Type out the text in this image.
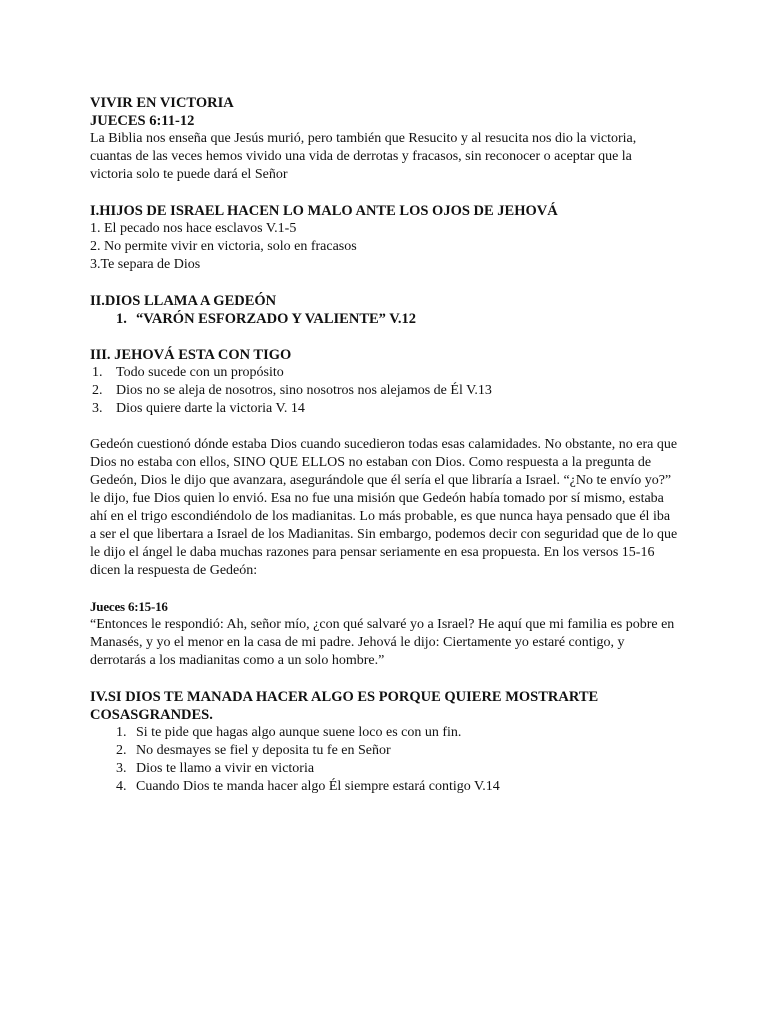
VIVIR EN VICTORIA

JUECES 6:11-12

La Biblia nos enseña que Jesús murió, pero también que Resucito y al resucita nos dio la victoria, cuantas de las veces hemos vivido una vida de derrotas y fracasos, sin reconocer o aceptar que la victoria solo te puede dará el Señor

I.HIJOS DE ISRAEL HACEN LO MALO ANTE LOS OJOS DE JEHOVÁ

1. El pecado nos hace esclavos V.1-5

2. No permite vivir en victoria, solo en fracasos

3.Te separa de Dios

II.DIOS LLAMA A GEDEÓN

1. “VARÓN ESFORZADO Y VALIENTE” V.12

III. JEHOVÁ ESTA CON TIGO

1. Todo sucede con un propósito
2. Dios no se aleja de nosotros, sino nosotros nos alejamos de Él V.13
3. Dios quiere darte la victoria V. 14

Gedeón cuestionó dónde estaba Dios cuando sucedieron todas esas calamidades. No obstante, no era que Dios no estaba con ellos, SINO QUE ELLOS no estaban con Dios. Como respuesta a la pregunta de Gedeón, Dios le dijo que avanzara, asegurándole que él sería el que libraría a Israel. “¿No te envío yo?” le dijo, fue Dios quien lo envió. Esa no fue una misión que Gedeón había tomado por sí mismo, estaba ahí en el trigo escondiéndolo de los madianitas. Lo más probable, es que nunca haya pensado que él iba a ser el que libertara a Israel de los Madianitas. Sin embargo, podemos decir con seguridad que de lo que le dijo el ángel le daba muchas razones para pensar seriamente en esa propuesta. En los versos 15-16 dicen la respuesta de Gedeón:

Jueces 6:15-16

“Entonces le respondió: Ah, señor mío, ¿con qué salvaré yo a Israel? He aquí que mi familia es pobre en Manasés, y yo el menor en la casa de mi padre. Jehová le dijo: Ciertamente yo estaré contigo, y derrotarás a los madianitas como a un solo hombre.”

IV.SI DIOS TE MANADA HACER ALGO ES PORQUE QUIERE MOSTRARTE COSASGRANDES.

1. Si te pide que hagas algo aunque suene loco es con un fin.
2. No desmayes se fiel y deposita tu fe en Señor
3. Dios te llamo a vivir en victoria
4. Cuando Dios te manda hacer algo Él siempre estará contigo V.14
